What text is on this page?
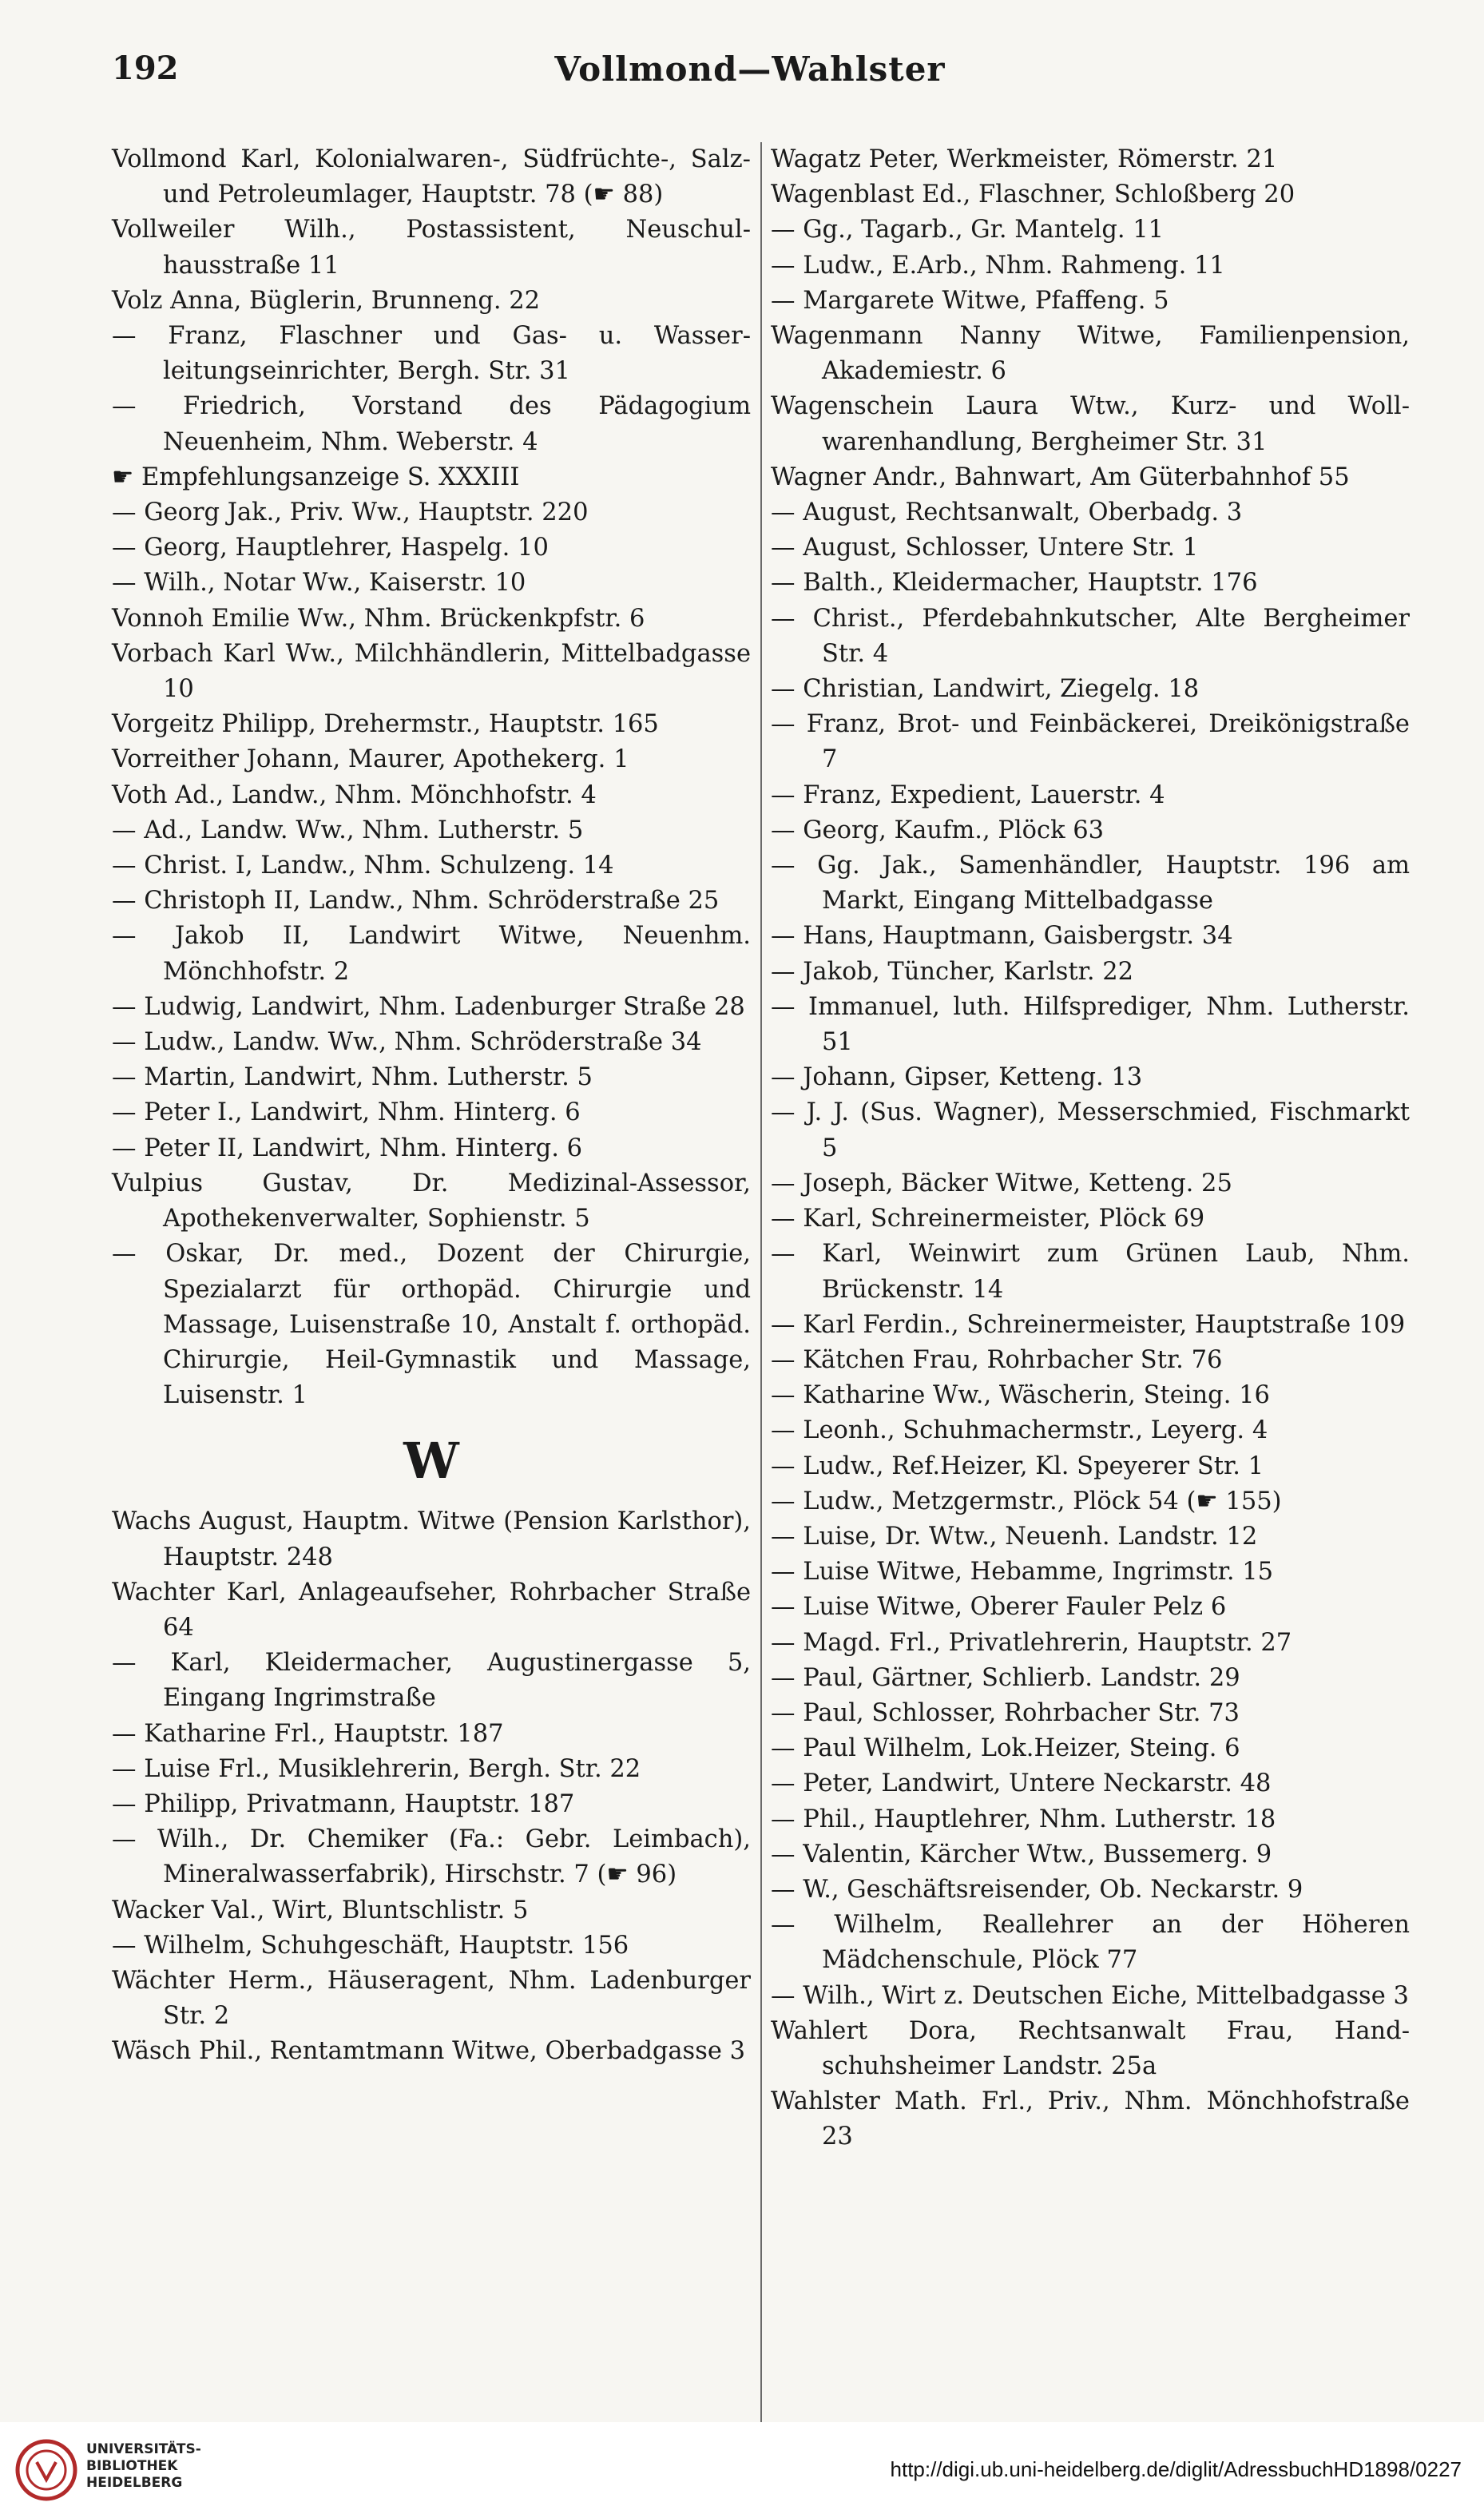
192	Vollmond—Wahlster
Vollmond Karl, Kolonialwaren-, Südfrüchte-, Salz- und Petroleumlager, Hauptstr. 78 (☛ 88)
Vollweiler Wilh., Postassistent, Neuschulhausstraße 11
Volz Anna, Büglerin, Brunneng. 22
— Franz, Flaschner und Gas- u. Wasserleitungseinrichter, Bergh. Str. 31
— Friedrich, Vorstand des Pädagogium Neuenheim, Nhm. Weberstr. 4
☛ Empfehlungsanzeige S. XXXIII
— Georg Jak., Priv. Ww., Hauptstr. 220
— Georg, Hauptlehrer, Haspelg. 10
— Wilh., Notar Ww., Kaiserstr. 10
Vonnoh Emilie Ww., Nhm. Brückenkpfstr. 6
Vorbach Karl Ww., Milchhändlerin, Mittelbadgasse 10
Vorgeitz Philipp, Drehermstr., Hauptstr. 165
Vorreither Johann, Maurer, Apothekerg. 1
Voth Ad., Landw., Nhm. Mönchhofstr. 4
— Ad., Landw. Ww., Nhm. Lutherstr. 5
— Christ. I, Landw., Nhm. Schulzeng. 14
— Christoph II, Landw., Nhm. Schröderstraße 25
— Jakob II, Landwirt Witwe, Neuenhm. Mönchhofstr. 2
— Ludwig, Landwirt, Nhm. Ladenburger Straße 28
— Ludw., Landw. Ww., Nhm. Schröderstraße 34
— Martin, Landwirt, Nhm. Lutherstr. 5
— Peter I., Landwirt, Nhm. Hinterg. 6
— Peter II, Landwirt, Nhm. Hinterg. 6
Vulpius Gustav, Dr. Medizinal-Assessor, Apothekenverwalter, Sophienstr. 5
— Oskar, Dr. med., Dozent der Chirurgie, Spezialarzt für orthopäd. Chirurgie und Massage, Luisenstraße 10, Anstalt f. orthopäd. Chirurgie, Heil-Gymnastik und Massage, Luisenstr. 1
W
Wachs August, Hauptm. Witwe (Pension Karlsthor), Hauptstr. 248
Wachter Karl, Anlageaufseher, Rohrbacher Straße 64
— Karl, Kleidermacher, Augustinergasse 5, Eingang Ingrimstraße
— Katharine Frl., Hauptstr. 187
— Luise Frl., Musiklehrerin, Bergh. Str. 22
— Philipp, Privatmann, Hauptstr. 187
— Wilh., Dr. Chemiker (Fa.: Gebr. Leimbach), Mineralwasserfabrik), Hirschstr. 7 (☛ 96)
Wacker Val., Wirt, Bluntschlistr. 5
— Wilhelm, Schuhgeschäft, Hauptstr. 156
Wächter Herm., Häuseragent, Nhm. Ladenburger Str. 2
Wäsch Phil., Rentamtmann Witwe, Oberbadgasse 3
Wagatz Peter, Werkmeister, Römerstr. 21
Wagenblast Ed., Flaschner, Schloßberg 20
— Gg., Tagarb., Gr. Mantelg. 11
— Ludw., E.Arb., Nhm. Rahmeng. 11
— Margarete Witwe, Pfaffeng. 5
Wagenmann Nanny Witwe, Familienpension, Akademiestr. 6
Wagenschein Laura Wtw., Kurz- und Wollwarenhandlung, Bergheimer Str. 31
Wagner Andr., Bahnwart, Am Güterbahnhof 55
— August, Rechtsanwalt, Oberbadg. 3
— August, Schlosser, Untere Str. 1
— Balth., Kleidermacher, Hauptstr. 176
— Christ., Pferdebahnkutscher, Alte Bergheimer Str. 4
— Christian, Landwirt, Ziegelg. 18
— Franz, Brot- und Feinbäckerei, Dreikönigstraße 7
— Franz, Expedient, Lauerstr. 4
— Georg, Kaufm., Plöck 63
— Gg. Jak., Samenhändler, Hauptstr. 196 am Markt, Eingang Mittelbadgasse
— Hans, Hauptmann, Gaisbergstr. 34
— Jakob, Tüncher, Karlstr. 22
— Immanuel, luth. Hilfsprediger, Nhm. Lutherstr. 51
— Johann, Gipser, Ketteng. 13
— J. J. (Sus. Wagner), Messerschmied, Fischmarkt 5
— Joseph, Bäcker Witwe, Ketteng. 25
— Karl, Schreinermeister, Plöck 69
— Karl, Weinwirt zum Grünen Laub, Nhm. Brückenstr. 14
— Karl Ferdin., Schreinermeister, Hauptstraße 109
— Kätchen Frau, Rohrbacher Str. 76
— Katharine Ww., Wäscherin, Steing. 16
— Leonh., Schuhmachermstr., Leyerg. 4
— Ludw., Ref.Heizer, Kl. Speyerer Str. 1
— Ludw., Metzgermstr., Plöck 54 (☛ 155)
— Luise, Dr. Wtw., Neuenh. Landstr. 12
— Luise Witwe, Hebamme, Ingrimstr. 15
— Luise Witwe, Oberer Fauler Pelz 6
— Magd. Frl., Privatlehrerin, Hauptstr. 27
— Paul, Gärtner, Schlierb. Landstr. 29
— Paul, Schlosser, Rohrbacher Str. 73
— Paul Wilhelm, Lok.Heizer, Steing. 6
— Peter, Landwirt, Untere Neckarstr. 48
— Phil., Hauptlehrer, Nhm. Lutherstr. 18
— Valentin, Kärcher Wtw., Bussemerg. 9
— W., Geschäftsreisender, Ob. Neckarstr. 9
— Wilhelm, Reallehrer an der Höheren Mädchenschule, Plöck 77
— Wilh., Wirt z. Deutschen Eiche, Mittelbadgasse 3
Wahlert Dora, Rechtsanwalt Frau, Handschuhsheimer Landstr. 25a
Wahlster Math. Frl., Priv., Nhm. Mönchhofstraße 23
UNIVERSITÄTS-
BIBLIOTHEK
HEIDELBERG
http://digi.ub.uni-heidelberg.de/diglit/AdressbuchHD1898/0227
